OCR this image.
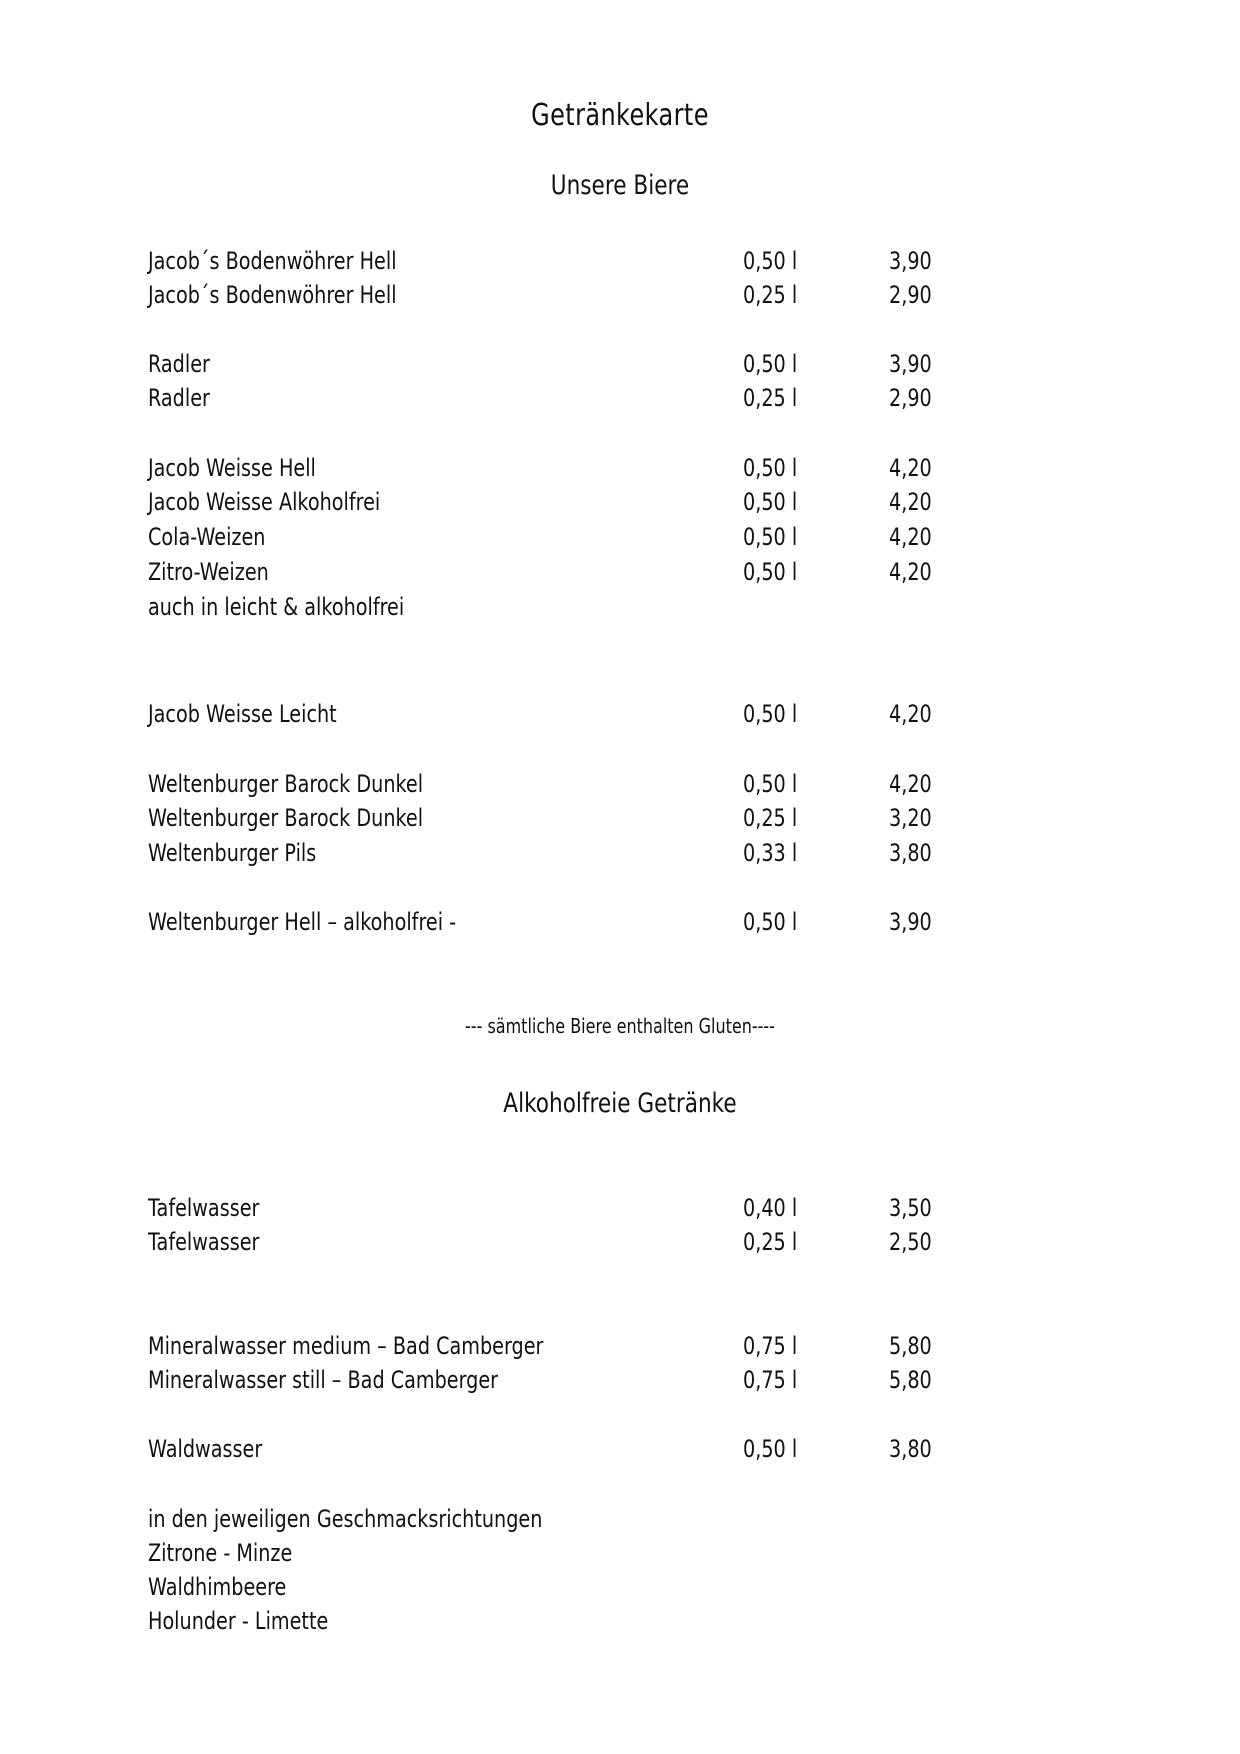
Getränkekarte
Unsere Biere
Jacob´s Bodenwöhrer Hell	0,50 l	3,90
Jacob´s Bodenwöhrer Hell	0,25 l	2,90
Radler	0,50 l	3,90
Radler	0,25 l	2,90
Jacob Weisse Hell	0,50 l	4,20
Jacob Weisse Alkoholfrei	0,50 l	4,20
Cola-Weizen	0,50 l	4,20
Zitro-Weizen	0,50 l	4,20
auch in leicht & alkoholfrei
Jacob Weisse Leicht	0,50 l	4,20
Weltenburger Barock Dunkel	0,50 l	4,20
Weltenburger Barock Dunkel	0,25 l	3,20
Weltenburger Pils	0,33 l	3,80
Weltenburger Hell – alkoholfrei -	0,50 l	3,90
--- sämtliche Biere enthalten Gluten----
Alkoholfreie Getränke
Tafelwasser	0,40 l	3,50
Tafelwasser	0,25 l	2,50
Mineralwasser medium – Bad Camberger	0,75 l	5,80
Mineralwasser still – Bad Camberger	0,75 l	5,80
Waldwasser	0,50 l	3,80
in den jeweiligen Geschmacksrichtungen
Zitrone - Minze
Waldhimbeere
Holunder - Limette
